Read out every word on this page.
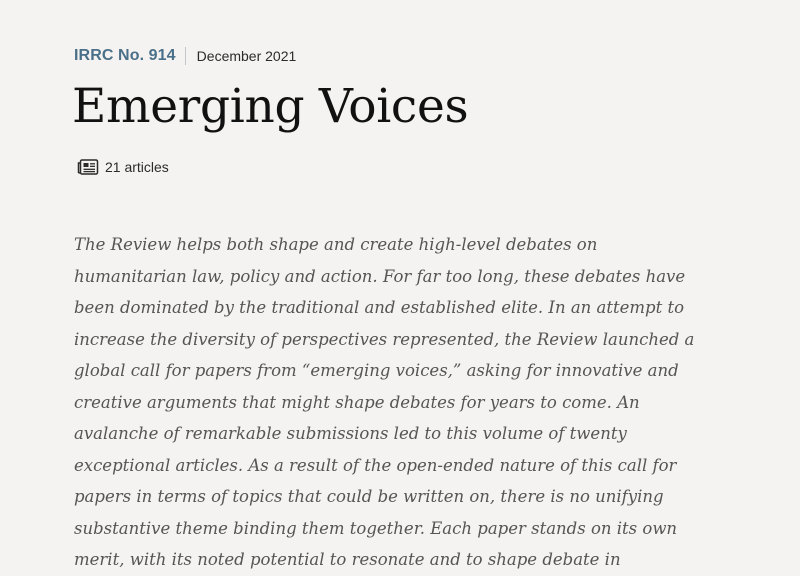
IRRC No. 914 December 2021
Emerging Voices
21 articles

The Review helps both shape and create high-level debates on humanitarian law, policy and action. For far too long, these debates have been dominated by the traditional and established elite. In an attempt to increase the diversity of perspectives represented, the Review launched a global call for papers from “emerging voices,” asking for innovative and creative arguments that might shape debates for years to come. An avalanche of remarkable submissions led to this volume of twenty exceptional articles. As a result of the open-ended nature of this call for papers in terms of topics that could be written on, there is no unifying substantive theme binding them together. Each paper stands on its own merit, with its noted potential to resonate and to shape debate in
